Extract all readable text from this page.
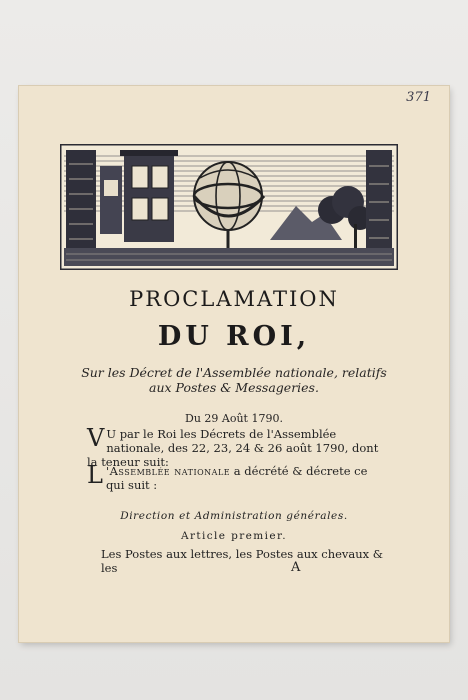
371
PROCLAMATION
DU ROI,
Sur les Décret de l'Assemblée nationale, relatifs aux Postes & Messageries.
Du 29 Août 1790.
V U par le Roi les Décrets de l'Assemblée nationale, des 22, 23, 24 & 26 août 1790, dont la teneur suit:
L 'Assemblée nationale a décrété & décrete ce qui suit :
Direction et Administration générales.
Article premier.
Les Postes aux lettres, les Postes aux chevaux & les	A
